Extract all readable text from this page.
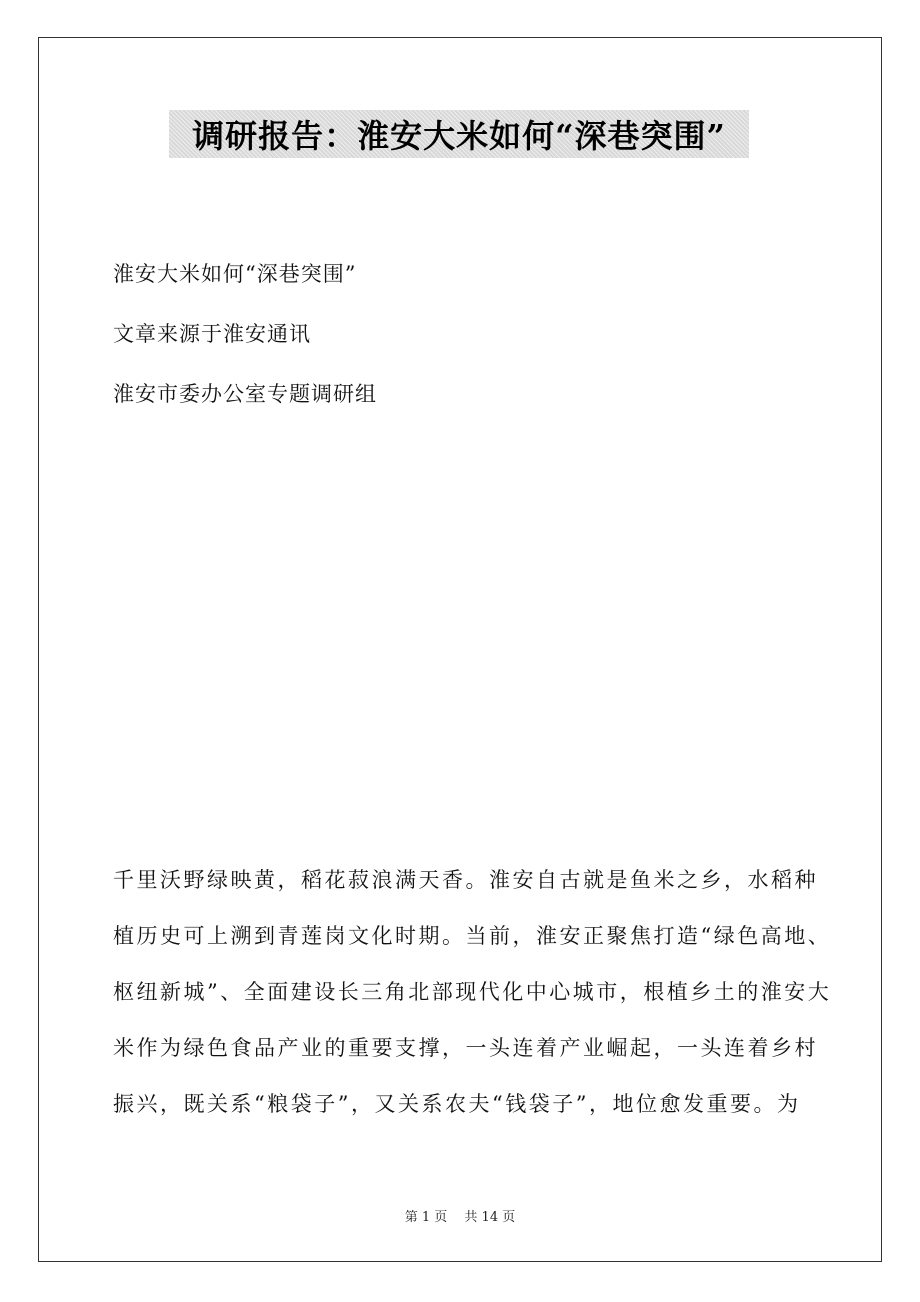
调研报告：淮安大米如何“深巷突围”
淮安大米如何“深巷突围”
文章来源于淮安通讯
淮安市委办公室专题调研组
千里沃野绿映黄，稻花菽浪满天香。淮安自古就是鱼米之乡，水稻种
植历史可上溯到青莲岗文化时期。当前，淮安正聚焦打造“绿色高地、
枢纽新城”、全面建设长三角北部现代化中心城市，根植乡土的淮安大
米作为绿色食品产业的重要支撑，一头连着产业崛起，一头连着乡村
振兴，既关系“粮袋子”，又关系农夫“钱袋子”，地位愈发重要。为
第 1 页　 共 14 页
